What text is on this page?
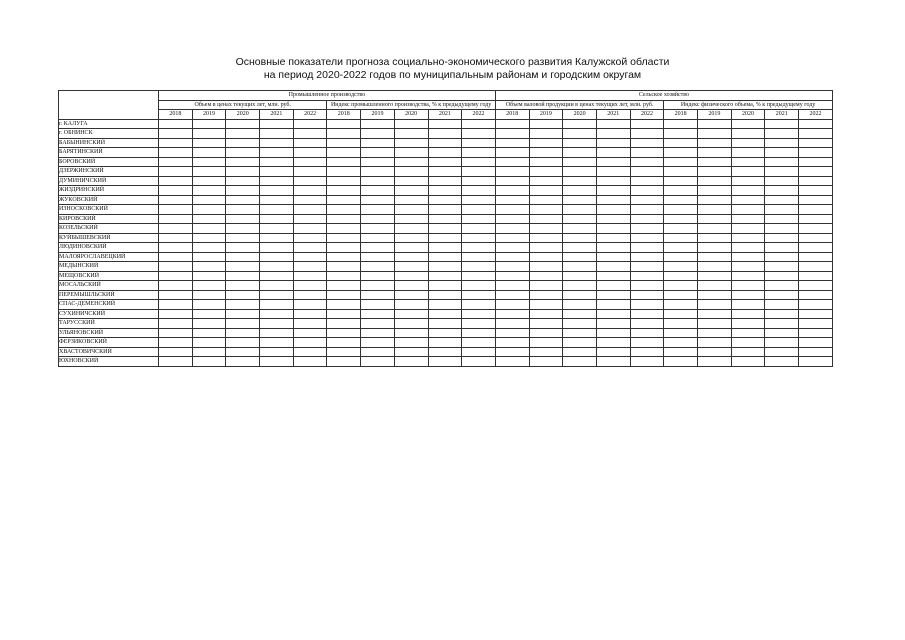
Основные показатели прогноза социально-экономического развития Калужской области
на период 2020-2022 годов по муниципальным районам и городским округам
	Промышленное производство										Сельское хозяйство									
	Объем в ценах текущих лет, млн. руб.					Индекс промышленного производства, % к предыдущему году					Объем валовой продукции в ценах текущих лет, млн. руб.					Индекс физического объема, % к предыдущему году				
	2018	2019	2020	2021	2022	2018	2019	2020	2021	2022	2018	2019	2020	2021	2022	2018	2019	2020	2021	2022
г. КАЛУГА																				
г. ОБНИНСК																				
БАБЫНИНСКИЙ																				
БАРЯТИНСКИЙ																				
БОРОВСКИЙ																				
ДЗЕРЖИНСКИЙ																				
ДУМИНИЧСКИЙ																				
ЖИЗДРИНСКИЙ																				
ЖУКОВСКИЙ																				
ИЗНОСКОВСКИЙ																				
КИРОВСКИЙ																				
КОЗЕЛЬСКИЙ																				
КУЙБЫШЕВСКИЙ																				
ЛЮДИНОВСКИЙ																				
МАЛОЯРОСЛАВЕЦКИЙ																				
МЕДЫНСКИЙ																				
МЕЩОВСКИЙ																				
МОСАЛЬСКИЙ																				
ПЕРЕМЫШЛЬСКИЙ																				
СПАС-ДЕМЕНСКИЙ																				
СУХИНИЧСКИЙ																				
ТАРУССКИЙ																				
УЛЬЯНОВСКИЙ																				
ФЕРЗИКОВСКИЙ																				
ХВАСТОВИЧСКИЙ																				
ЮХНОВСКИЙ																				
